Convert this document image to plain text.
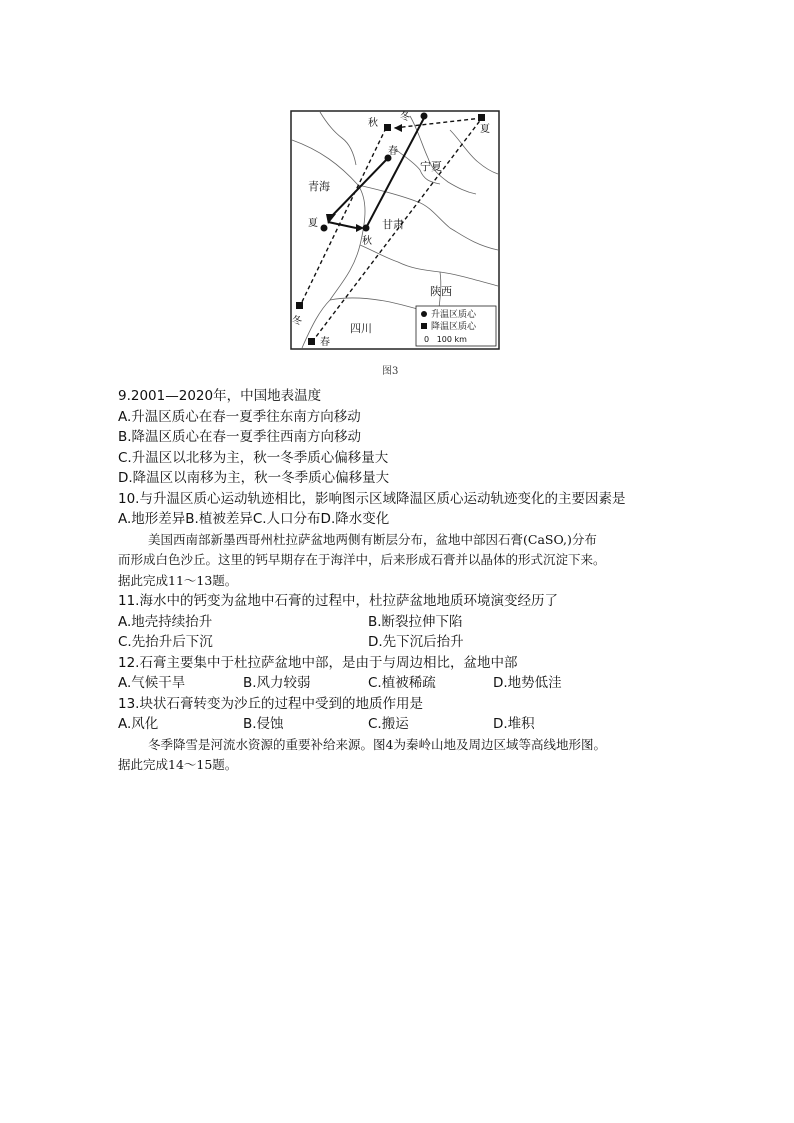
青海
宁夏
甘肃
陕西
四川
春
夏
秋
冬
夏
秋
冬
春
升温区质心
降温区质心
0   100 km
图3
9.2001—2020年，中国地表温度
A.升温区质心在春一夏季往东南方向移动
B.降温区质心在春一夏季往西南方向移动
C.升温区以北移为主，秋一冬季质心偏移量大
D.降温区以南移为主，秋一冬季质心偏移量大
10.与升温区质心运动轨迹相比，影响图示区域降温区质心运动轨迹变化的主要因素是
A.地形差异B.植被差异C.人口分布D.降水变化
美国西南部新墨西哥州杜拉萨盆地两侧有断层分布，盆地中部因石膏(CaSO,)分布
而形成白色沙丘。这里的钙早期存在于海洋中，后来形成石膏并以晶体的形式沉淀下来。
据此完成11～13题。
11.海水中的钙变为盆地中石膏的过程中，杜拉萨盆地地质环境演变经历了
A.地壳持续抬升	B.断裂拉伸下陷
C.先抬升后下沉	D.先下沉后抬升
12.石膏主要集中于杜拉萨盆地中部，是由于与周边相比，盆地中部
A.气候干旱	B.风力较弱	C.植被稀疏	D.地势低洼
13.块状石膏转变为沙丘的过程中受到的地质作用是
A.风化	B.侵蚀	C.搬运	D.堆积
冬季降雪是河流水资源的重要补给来源。图4为秦岭山地及周边区域等高线地形图。
据此完成14～15题。
